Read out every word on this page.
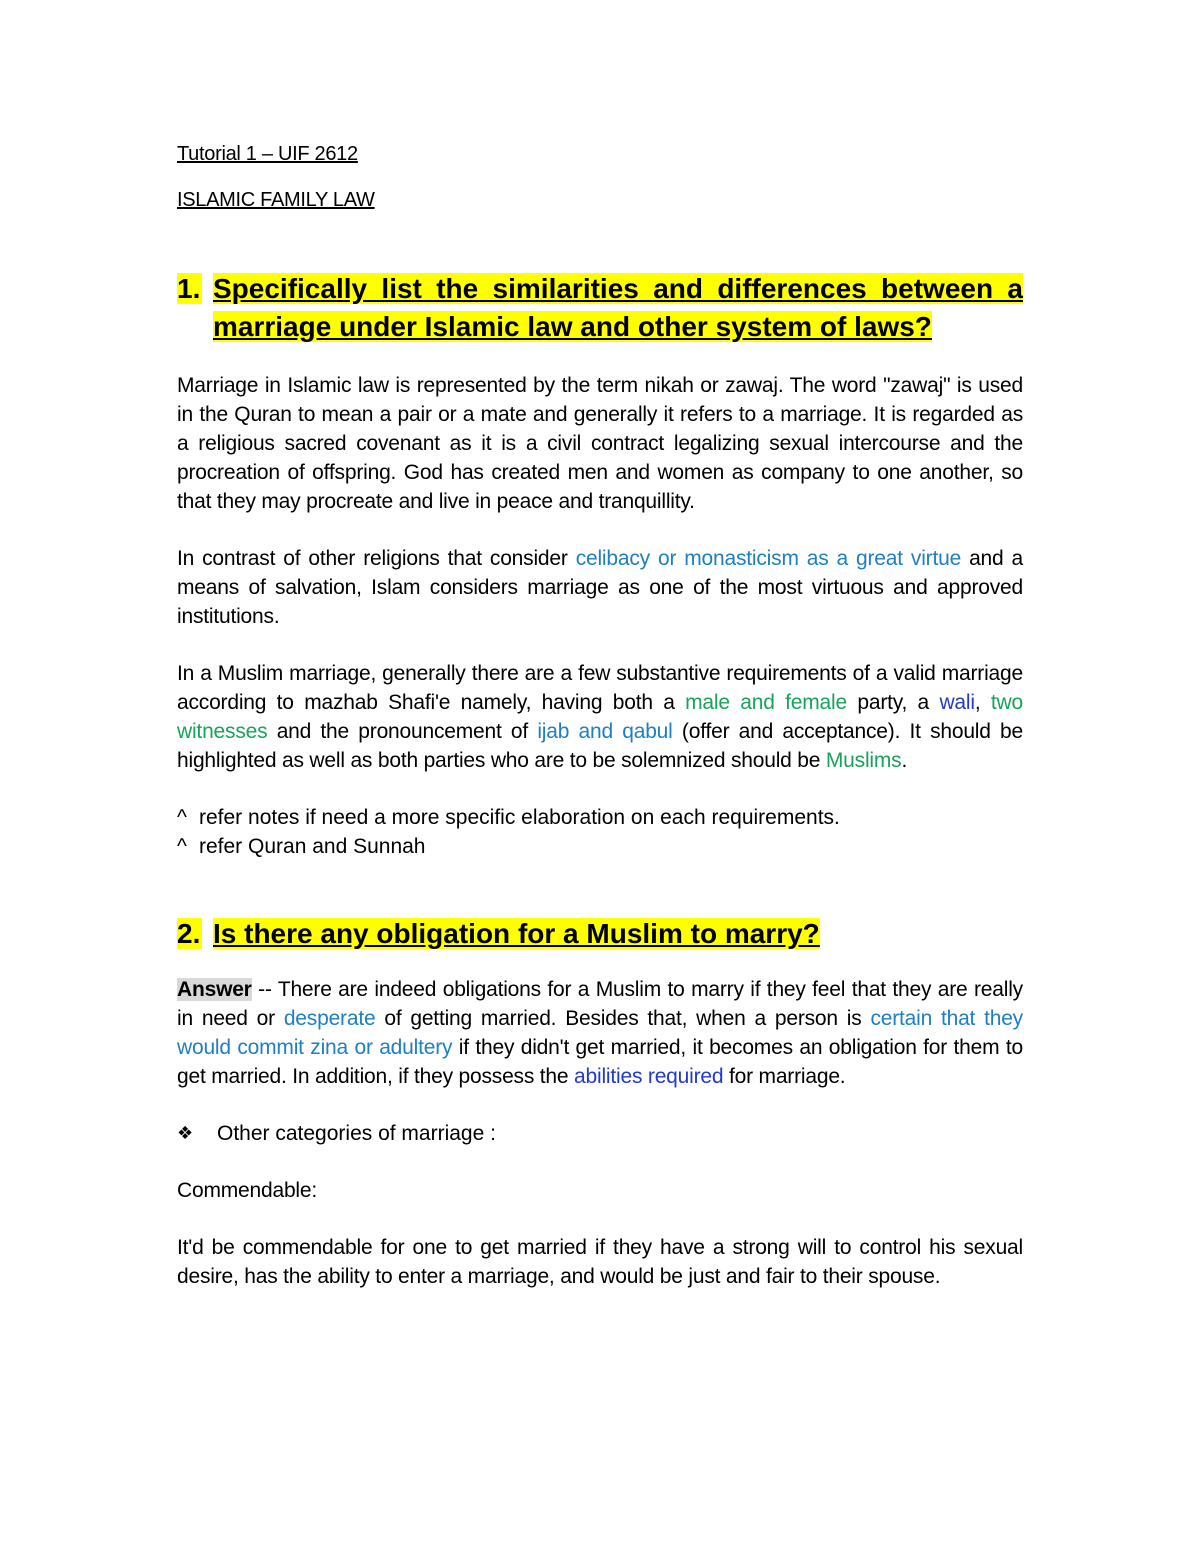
Tutorial 1 – UIF 2612
ISLAMIC FAMILY LAW
1. Specifically list the similarities and differences between a marriage under Islamic law and other system of laws?

Marriage in Islamic law is represented by the term nikah or zawaj. The word "zawaj" is used in the Quran to mean a pair or a mate and generally it refers to a marriage. It is regarded as a religious sacred covenant as it is a civil contract legalizing sexual intercourse and the procreation of offspring. God has created men and women as company to one another, so that they may procreate and live in peace and tranquillity.

In contrast of other religions that consider celibacy or monasticism as a great virtue and a means of salvation, Islam considers marriage as one of the most virtuous and approved institutions.

In a Muslim marriage, generally there are a few substantive requirements of a valid marriage according to mazhab Shafi'e namely, having both a male and female party, a wali, two witnesses and the pronouncement of ijab and qabul (offer and acceptance). It should be highlighted as well as both parties who are to be solemnized should be Muslims.

^ refer notes if need a more specific elaboration on each requirements.

^ refer Quran and Sunnah

2. Is there any obligation for a Muslim to marry?

Answer -- There are indeed obligations for a Muslim to marry if they feel that they are really in need or desperate of getting married. Besides that, when a person is certain that they would commit zina or adultery if they didn't get married, it becomes an obligation for them to get married. In addition, if they possess the abilities required for marriage.

❖	Other categories of marriage :

Commendable:

It'd be commendable for one to get married if they have a strong will to control his sexual desire, has the ability to enter a marriage, and would be just and fair to their spouse.
